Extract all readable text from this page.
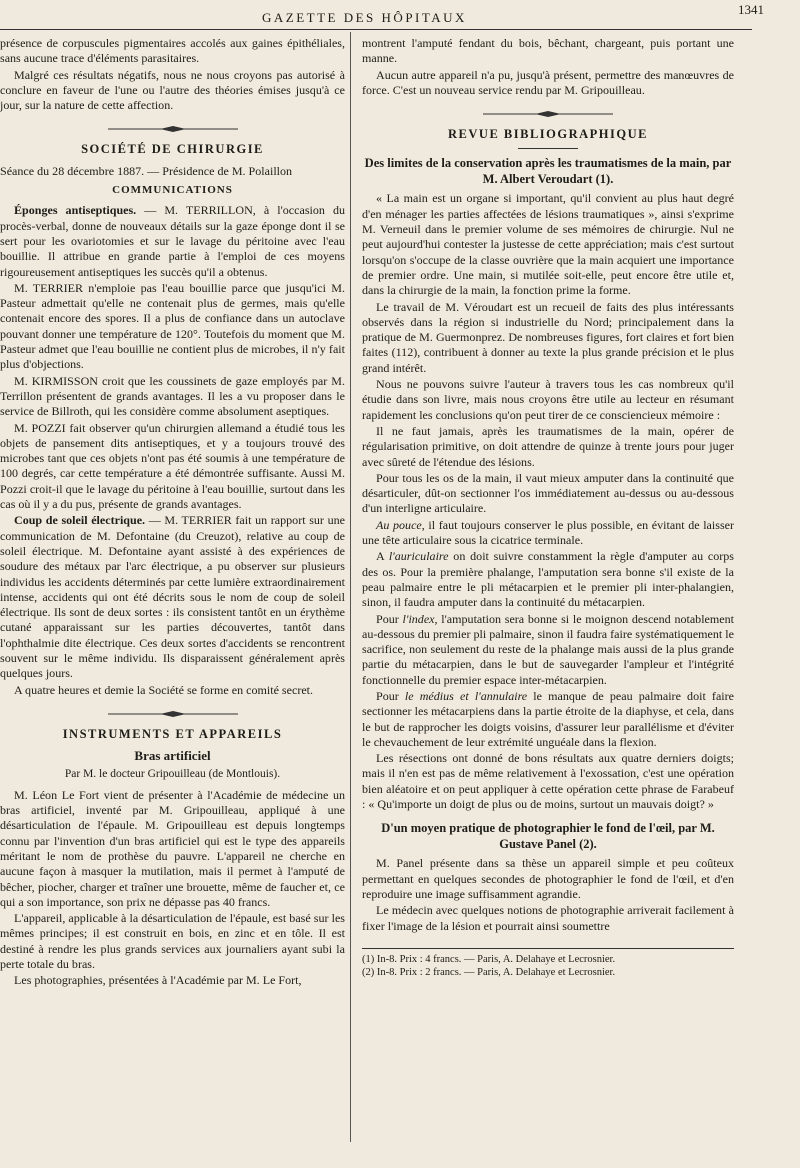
GAZETTE DES HÔPITAUX
1341

présence de corpuscules pigmentaires accolés aux gaines épithéliales, sans aucune trace d'éléments parasitaires.

Malgré ces résultats négatifs, nous ne nous croyons pas autorisé à conclure en faveur de l'une ou l'autre des théories émises jusqu'à ce jour, sur la nature de cette affection.

SOCIÉTÉ DE CHIRURGIE

Séance du 28 décembre 1887. — Présidence de M. Polaillon

COMMUNICATIONS

Éponges antiseptiques. — M. TERRILLON, à l'occasion du procès-verbal, donne de nouveaux détails sur la gaze éponge dont il se sert pour les ovariotomies et sur le lavage du péritoine avec l'eau bouillie. Il attribue en grande partie à l'emploi de ces moyens rigoureusement antiseptiques les succès qu'il a obtenus.

M. TERRIER n'emploie pas l'eau bouillie parce que jusqu'ici M. Pasteur admettait qu'elle ne contenait plus de germes, mais qu'elle contenait encore des spores. Il a plus de confiance dans un autoclave pouvant donner une température de 120°. Toutefois du moment que M. Pasteur admet que l'eau bouillie ne contient plus de microbes, il n'y fait plus d'objections.

M. KIRMISSON croit que les coussinets de gaze employés par M. Terrillon présentent de grands avantages. Il les a vu proposer dans le service de Billroth, qui les considère comme absolument aseptiques.

M. POZZI fait observer qu'un chirurgien allemand a étudié tous les objets de pansement dits antiseptiques, et y a toujours trouvé des microbes tant que ces objets n'ont pas été soumis à une température de 100 degrés, car cette température a été démontrée suffisante. Aussi M. Pozzi croit-il que le lavage du péritoine à l'eau bouillie, surtout dans les cas où il y a du pus, présente de grands avantages.

Coup de soleil électrique. — M. TERRIER fait un rapport sur une communication de M. Defontaine (du Creuzot), relative au coup de soleil électrique. M. Defontaine ayant assisté à des expériences de soudure des métaux par l'arc électrique, a pu observer sur plusieurs individus les accidents déterminés par cette lumière extraordinairement intense, accidents qui ont été décrits sous le nom de coup de soleil électrique. Ils sont de deux sortes : ils consistent tantôt en un érythème cutané apparaissant sur les parties découvertes, tantôt dans l'ophthalmie dite électrique. Ces deux sortes d'accidents se rencontrent souvent sur le même individu. Ils disparaissent généralement après quelques jours.

A quatre heures et demie la Société se forme en comité secret.

INSTRUMENTS ET APPAREILS
Bras artificiel
Par M. le docteur Gripouilleau (de Montlouis).

M. Léon Le Fort vient de présenter à l'Académie de médecine un bras artificiel, inventé par M. Gripouilleau, appliqué à une désarticulation de l'épaule. M. Gripouilleau est depuis longtemps connu par l'invention d'un bras artificiel qui est le type des appareils méritant le nom de prothèse du pauvre. L'appareil ne cherche en aucune façon à masquer la mutilation, mais il permet à l'amputé de bêcher, piocher, charger et traîner une brouette, même de faucher et, ce qui a son importance, son prix ne dépasse pas 40 francs.

L'appareil, applicable à la désarticulation de l'épaule, est basé sur les mêmes principes; il est construit en bois, en zinc et en tôle. Il est destiné à rendre les plus grands services aux journaliers ayant subi la perte totale du bras.

Les photographies, présentées à l'Académie par M. Le Fort,

montrent l'amputé fendant du bois, bêchant, chargeant, puis portant une manne.

Aucun autre appareil n'a pu, jusqu'à présent, permettre des manœuvres de force. C'est un nouveau service rendu par M. Gripouilleau.

REVUE BIBLIOGRAPHIQUE
Des limites de la conservation après les traumatismes de la main, par M. Albert Veroudart (1).

« La main est un organe si important, qu'il convient au plus haut degré d'en ménager les parties affectées de lésions traumatiques », ainsi s'exprime M. Verneuil dans le premier volume de ses mémoires de chirurgie. Nul ne peut aujourd'hui contester la justesse de cette appréciation; mais c'est surtout lorsqu'on s'occupe de la classe ouvrière que la main acquiert une importance de premier ordre. Une main, si mutilée soit-elle, peut encore être utile et, dans la chirurgie de la main, la fonction prime la forme.

Le travail de M. Véroudart est un recueil de faits des plus intéressants observés dans la région si industrielle du Nord; principalement dans la pratique de M. Guermonprez. De nombreuses figures, fort claires et fort bien faites (112), contribuent à donner au texte la plus grande précision et le plus grand intérêt.

Nous ne pouvons suivre l'auteur à travers tous les cas nombreux qu'il étudie dans son livre, mais nous croyons être utile au lecteur en résumant rapidement les conclusions qu'on peut tirer de ce consciencieux mémoire :

Il ne faut jamais, après les traumatismes de la main, opérer de régularisation primitive, on doit attendre de quinze à trente jours pour juger avec sûreté de l'étendue des lésions.

Pour tous les os de la main, il vaut mieux amputer dans la continuité que désarticuler, dût-on sectionner l'os immédiatement au-dessus ou au-dessous d'un interligne articulaire.

Au pouce, il faut toujours conserver le plus possible, en évitant de laisser une tête articulaire sous la cicatrice terminale.

A l'auriculaire on doit suivre constamment la règle d'amputer au corps des os. Pour la première phalange, l'amputation sera bonne s'il existe de la peau palmaire entre le pli métacarpien et le premier pli inter-phalangien, sinon, il faudra amputer dans la continuité du métacarpien.

Pour l'index, l'amputation sera bonne si le moignon descend notablement au-dessous du premier pli palmaire, sinon il faudra faire systématiquement le sacrifice, non seulement du reste de la phalange mais aussi de la plus grande partie du métacarpien, dans le but de sauvegarder l'ampleur et l'intégrité fonctionnelle du premier espace inter-métacarpien.

Pour le médius et l'annulaire le manque de peau palmaire doit faire sectionner les métacarpiens dans la partie étroite de la diaphyse, et cela, dans le but de rapprocher les doigts voisins, d'assurer leur parallélisme et d'éviter le chevauchement de leur extrémité unguéale dans la flexion.

Les résections ont donné de bons résultats aux quatre derniers doigts; mais il n'en est pas de même relativement à l'exossation, c'est une opération bien aléatoire et on peut appliquer à cette opération cette phrase de Farabeuf : « Qu'importe un doigt de plus ou de moins, surtout un mauvais doigt? »

D'un moyen pratique de photographier le fond de l'œil, par M. Gustave Panel (2).

M. Panel présente dans sa thèse un appareil simple et peu coûteux permettant en quelques secondes de photographier le fond de l'œil, et d'en reproduire une image suffisamment agrandie.

Le médecin avec quelques notions de photographie arriverait facilement à fixer l'image de la lésion et pourrait ainsi soumettre

(1) In-8. Prix : 4 francs. — Paris, A. Delahaye et Lecrosnier.
(2) In-8. Prix : 2 francs. — Paris, A. Delahaye et Lecrosnier.
